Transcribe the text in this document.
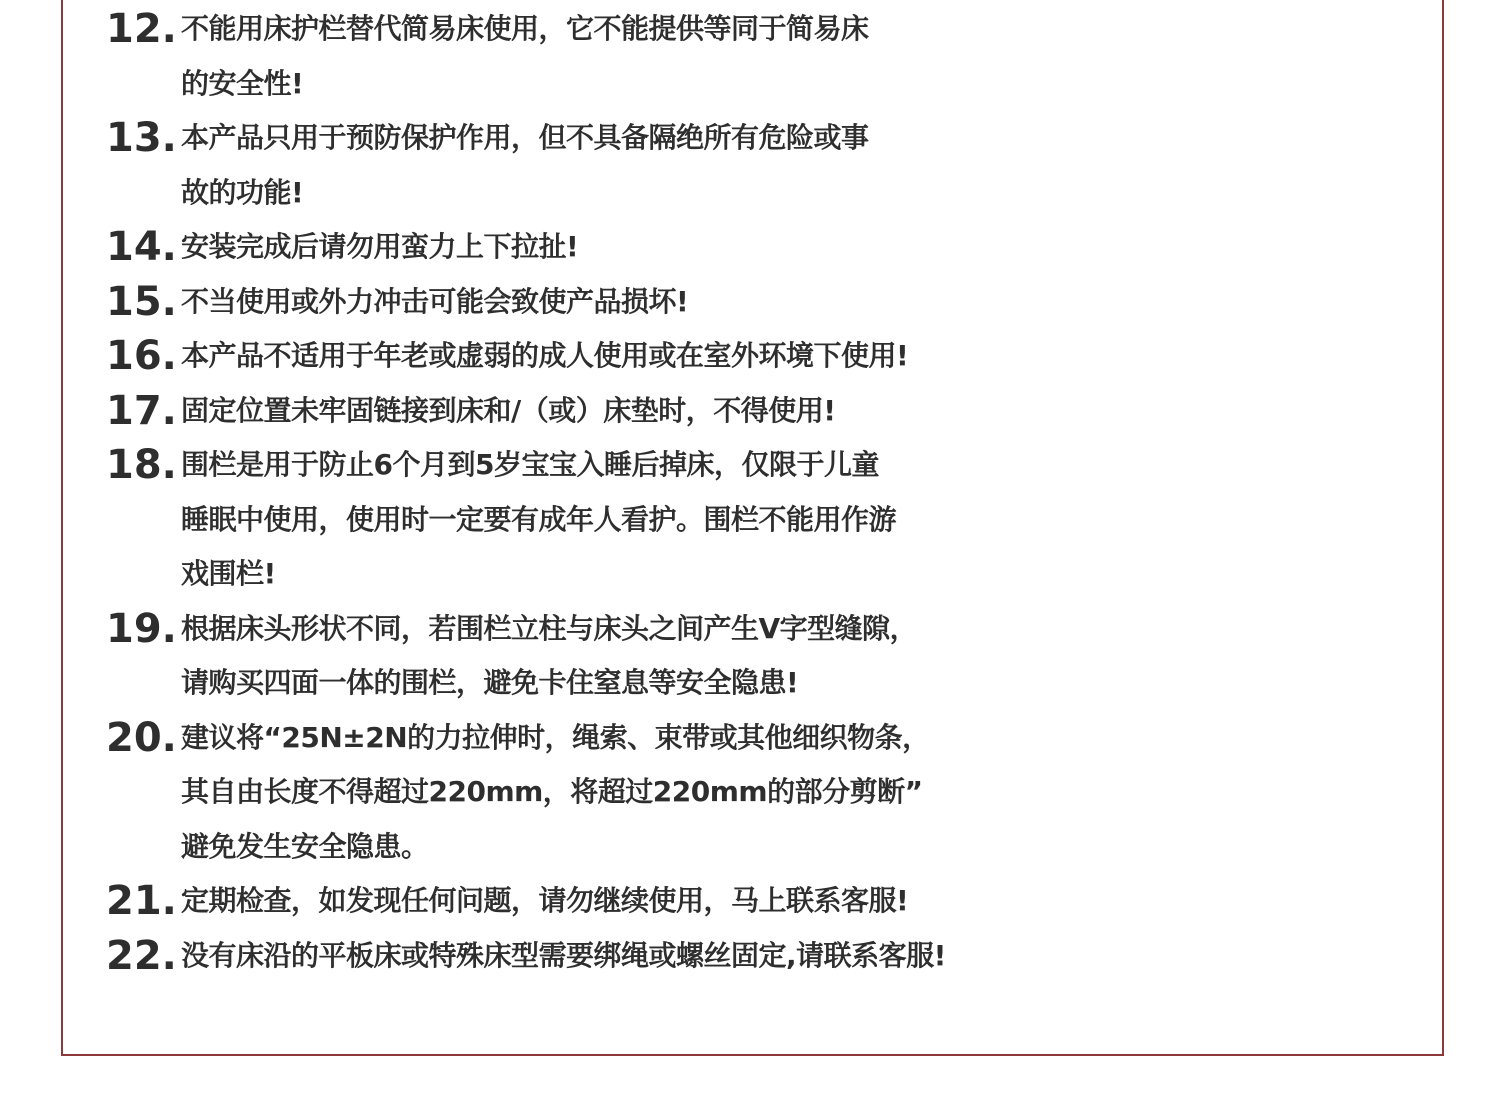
12. 不能用床护栏替代简易床使用，它不能提供等同于简易床
的安全性!
13. 本产品只用于预防保护作用，但不具备隔绝所有危险或事
故的功能!
14. 安装完成后请勿用蛮力上下拉扯!
15. 不当使用或外力冲击可能会致使产品损坏!
16. 本产品不适用于年老或虚弱的成人使用或在室外环境下使用!
17. 固定位置未牢固链接到床和/（或）床垫时，不得使用!
18. 围栏是用于防止6个月到5岁宝宝入睡后掉床，仅限于儿童
睡眠中使用，使用时一定要有成年人看护。围栏不能用作游
戏围栏!
19. 根据床头形状不同，若围栏立柱与床头之间产生V字型缝隙，
请购买四面一体的围栏，避免卡住窒息等安全隐患!
20. 建议将“25N±2N的力拉伸时，绳索、束带或其他细织物条，
其自由长度不得超过220mm，将超过220mm的部分剪断”
避免发生安全隐患。
21. 定期检查，如发现任何问题，请勿继续使用，马上联系客服!
22. 没有床沿的平板床或特殊床型需要绑绳或螺丝固定,请联系客服!
